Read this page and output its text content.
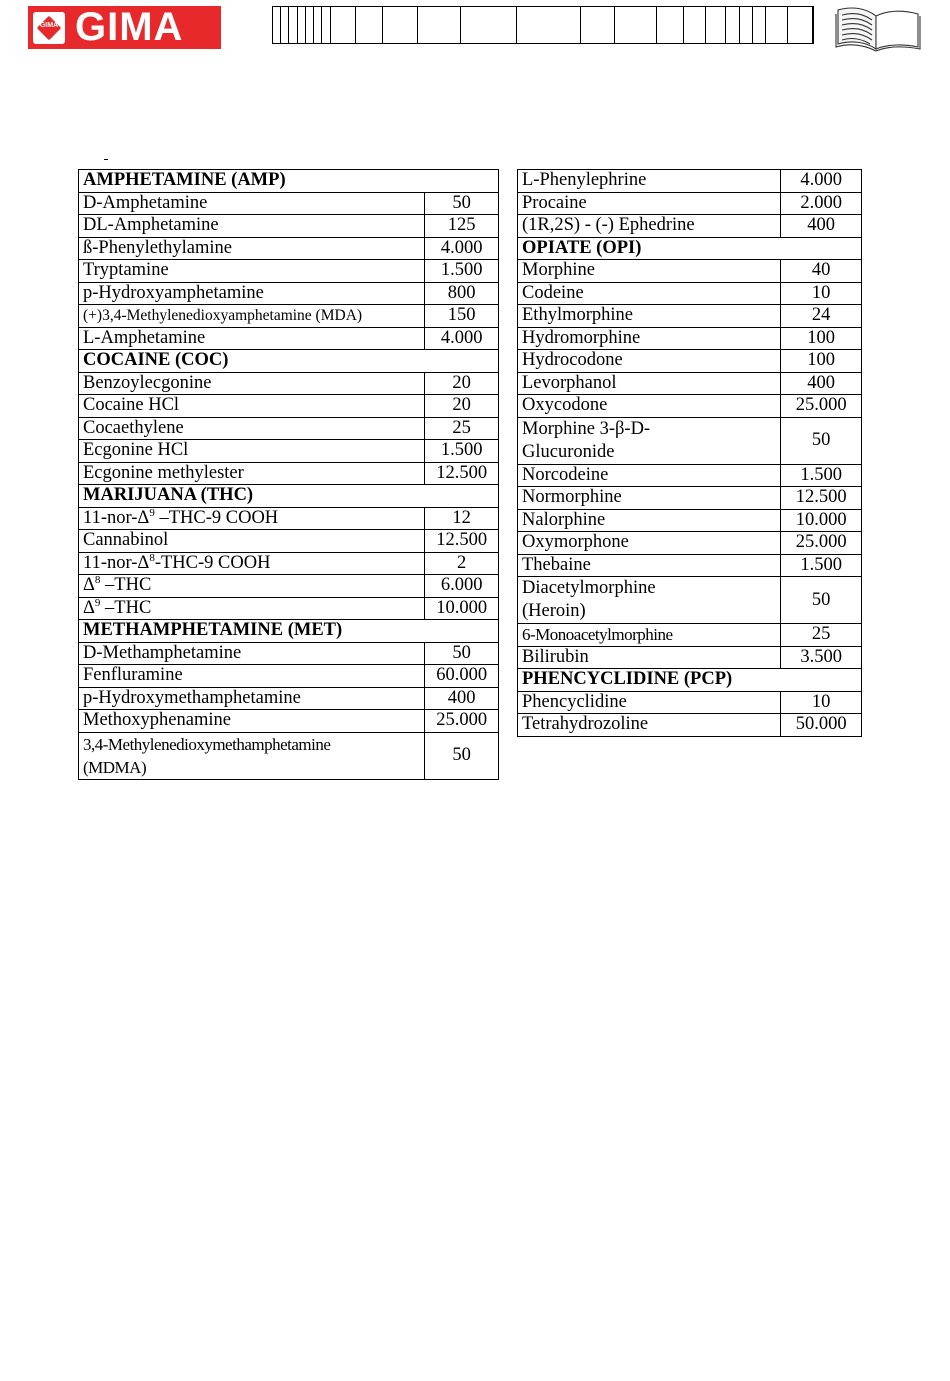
GIMA GIMA
AMPHETAMINE (AMP)	
D-Amphetamine	50
DL-Amphetamine	125
ß-Phenylethylamine	4.000
Tryptamine	1.500
p-Hydroxyamphetamine	800
(+)3,4-Methylenedioxyamphetamine (MDA)	150
L-Amphetamine	4.000
COCAINE (COC)	
Benzoylecgonine	20
Cocaine HCl	20
Cocaethylene	25
Ecgonine HCl	1.500
Ecgonine methylester	12.500
MARIJUANA (THC)	
$11-nor-\Delta^9$ –THC-9 COOH	12
Cannabinol	12.500
$11-nor-\Delta^8-THC-9$ COOH	2
$\Delta^8$ –THC	6.000
$\Delta^9$ –THC	10.000
METHAMPHETAMINE (MET)	
D-Methamphetamine	50
Fenfluramine	60.000
p-Hydroxymethamphetamine	400
Methoxyphenamine	25.000
3,4-Methylenedioxymethamphetamine
(MDMA)	50
L-Phenylephrine	4.000
Procaine	2.000
(1R,2S) - (-) Ephedrine	400
OPIATE (OPI)	
Morphine	40
Codeine	10
Ethylmorphine	24
Hydromorphine	100
Hydrocodone	100
Levorphanol	400
Oxycodone	25.000
Morphine 3-β-D-
Glucuronide	50
Norcodeine	1.500
Normorphine	12.500
Nalorphine	10.000
Oxymorphone	25.000
Thebaine	1.500
Diacetylmorphine
(Heroin)	50
6-Monoacetylmorphine	25
Bilirubin	3.500
PHENCYCLIDINE (PCP)	
Phencyclidine	10
Tetrahydrozoline	50.000
